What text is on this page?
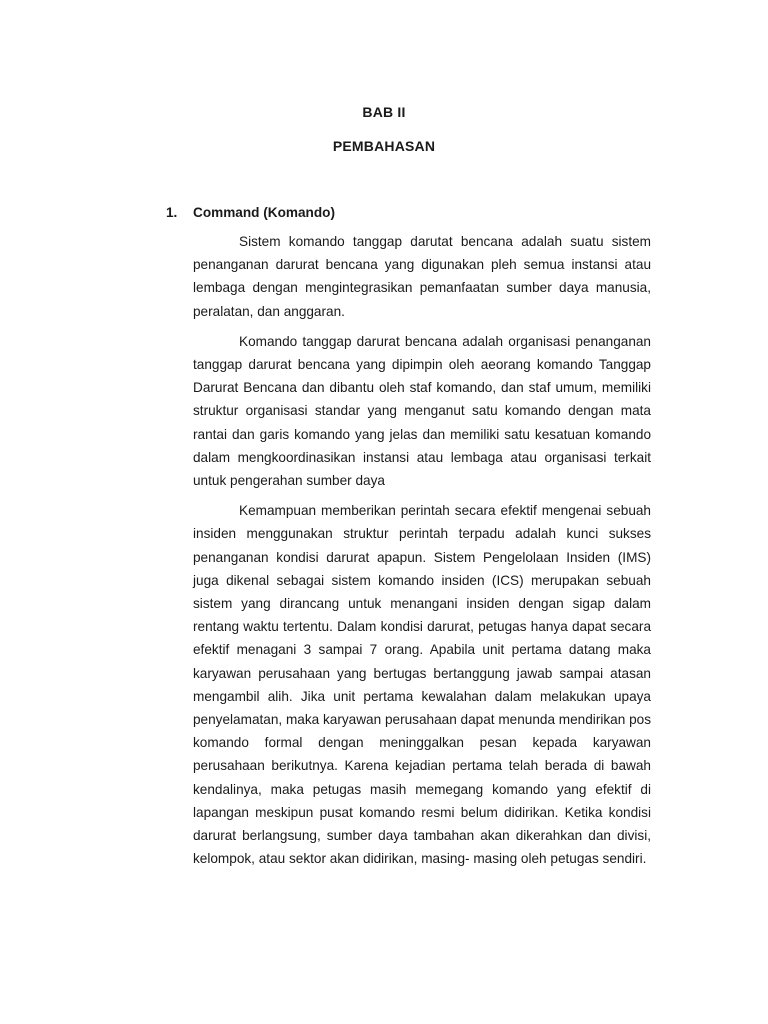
BAB II
PEMBAHASAN
1.	Command (Komando)

Sistem komando tanggap darutat bencana adalah suatu sistem penanganan darurat bencana yang digunakan pleh semua instansi atau lembaga dengan mengintegrasikan pemanfaatan sumber daya manusia, peralatan, dan anggaran.

Komando tanggap darurat bencana adalah organisasi penanganan tanggap darurat bencana yang dipimpin oleh aeorang komando Tanggap Darurat Bencana dan dibantu oleh staf komando, dan staf umum, memiliki struktur organisasi standar yang menganut satu komando dengan mata rantai dan garis komando yang jelas dan memiliki satu kesatuan komando dalam mengkoordinasikan instansi atau lembaga atau organisasi terkait untuk pengerahan sumber daya

Kemampuan memberikan perintah secara efektif mengenai sebuah insiden menggunakan struktur perintah terpadu adalah kunci sukses penanganan kondisi darurat apapun. Sistem Pengelolaan Insiden (IMS) juga dikenal sebagai sistem komando insiden (ICS) merupakan sebuah sistem yang dirancang untuk menangani insiden dengan sigap dalam rentang waktu tertentu. Dalam kondisi darurat, petugas hanya dapat secara efektif menagani 3 sampai 7 orang. Apabila unit pertama datang maka karyawan perusahaan yang bertugas bertanggung jawab sampai atasan mengambil alih. Jika unit pertama kewalahan dalam melakukan upaya penyelamatan, maka karyawan perusahaan dapat menunda mendirikan pos komando formal dengan meninggalkan pesan kepada karyawan perusahaan berikutnya. Karena kejadian pertama telah berada di bawah kendalinya, maka petugas masih memegang komando yang efektif di lapangan meskipun pusat komando resmi belum didirikan. Ketika kondisi darurat berlangsung, sumber daya tambahan akan dikerahkan dan divisi, kelompok, atau sektor akan didirikan, masing- masing oleh petugas sendiri.
